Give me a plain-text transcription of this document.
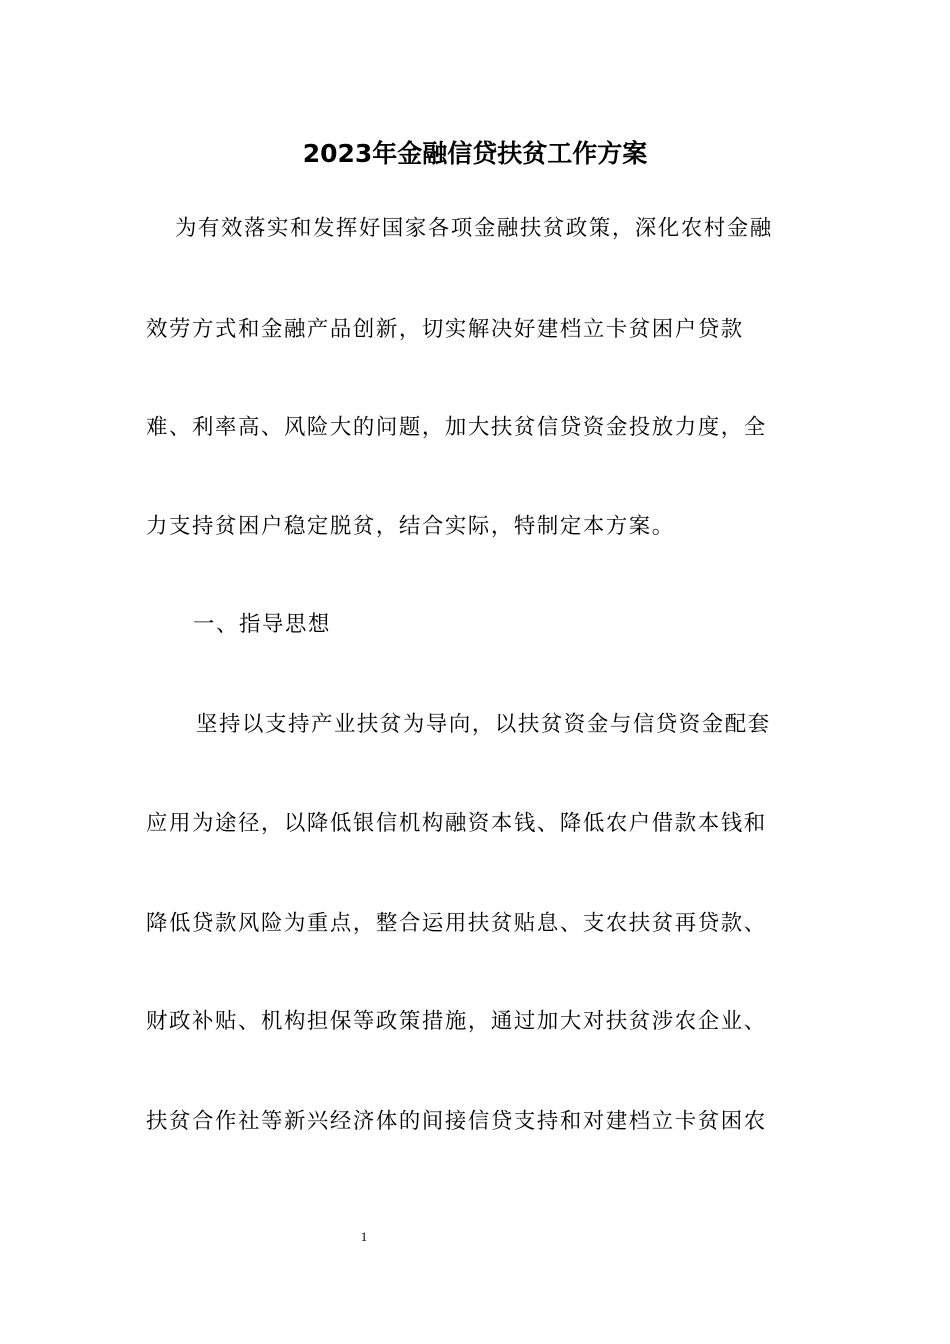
2023年金融信贷扶贫工作方案
为有效落实和发挥好国家各项金融扶贫政策，深化农村金融
效劳方式和金融产品创新，切实解决好建档立卡贫困户贷款
难、利率高、风险大的问题，加大扶贫信贷资金投放力度，全
力支持贫困户稳定脱贫，结合实际，特制定本方案。
一、指导思想
坚持以支持产业扶贫为导向，以扶贫资金与信贷资金配套
应用为途径，以降低银信机构融资本钱、降低农户借款本钱和
降低贷款风险为重点，整合运用扶贫贴息、支农扶贫再贷款、
财政补贴、机构担保等政策措施，通过加大对扶贫涉农企业、
扶贫合作社等新兴经济体的间接信贷支持和对建档立卡贫困农
1
